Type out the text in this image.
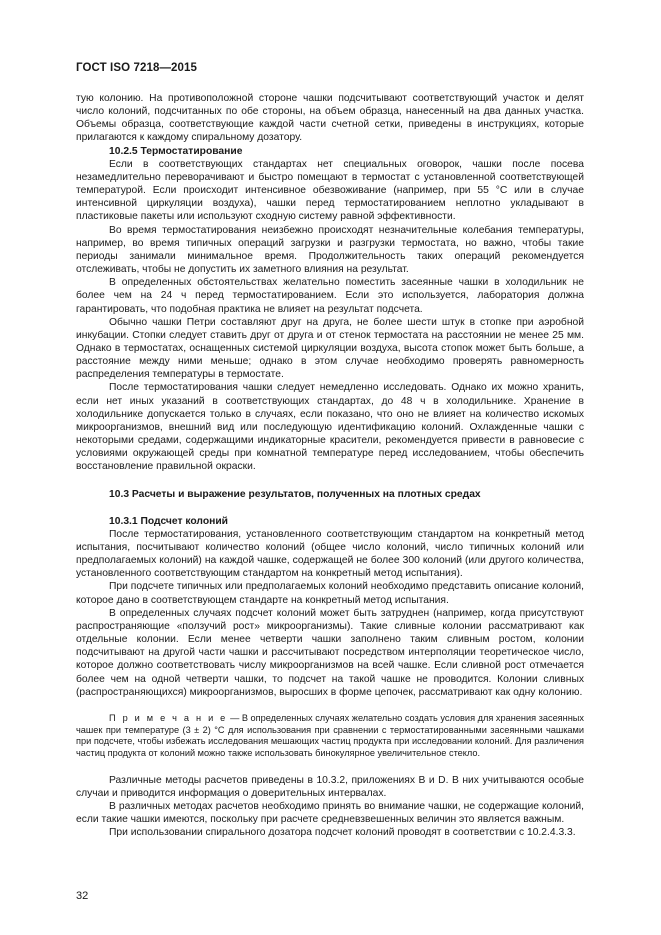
ГОСТ ISO 7218—2015

тую колонию. На противоположной стороне чашки подсчитывают соответствующий участок и делят число колоний, подсчитанных по обе стороны, на объем образца, нанесенный на два данных участка. Объемы образца, соответствующие каждой части счетной сетки, приведены в инструкциях, которые прилагаются к каждому спиральному дозатору.

10.2.5 Термостатирование

Если в соответствующих стандартах нет специальных оговорок, чашки после посева незамедлительно переворачивают и быстро помещают в термостат с установленной соответствующей температурой. Если происходит интенсивное обезвоживание (например, при 55 °С или в случае интенсивной циркуляции воздуха), чашки перед термостатированием неплотно укладывают в пластиковые пакеты или используют сходную систему равной эффективности.

Во время термостатирования неизбежно происходят незначительные колебания температуры, например, во время типичных операций загрузки и разгрузки термостата, но важно, чтобы такие периоды занимали минимальное время. Продолжительность таких операций рекомендуется отслеживать, чтобы не допустить их заметного влияния на результат.

В определенных обстоятельствах желательно поместить засеянные чашки в холодильник не более чем на 24 ч перед термостатированием. Если это используется, лаборатория должна гарантировать, что подобная практика не влияет на результат подсчета.

Обычно чашки Петри составляют друг на друга, не более шести штук в стопке при аэробной инкубации. Стопки следует ставить друг от друга и от стенок термостата на расстоянии не менее 25 мм. Однако в термостатах, оснащенных системой циркуляции воздуха, высота стопок может быть больше, а расстояние между ними меньше; однако в этом случае необходимо проверять равномерность распределения температуры в термостате.

После термостатирования чашки следует немедленно исследовать. Однако их можно хранить, если нет иных указаний в соответствующих стандартах, до 48 ч в холодильнике. Хранение в холодильнике допускается только в случаях, если показано, что оно не влияет на количество искомых микроорганизмов, внешний вид или последующую идентификацию колоний. Охлажденные чашки с некоторыми средами, содержащими индикаторные красители, рекомендуется привести в равновесие с условиями окружающей среды при комнатной температуре перед исследованием, чтобы обеспечить восстановление правильной окраски.

10.3 Расчеты и выражение результатов, полученных на плотных средах

10.3.1 Подсчет колоний

После термостатирования, установленного соответствующим стандартом на конкретный метод испытания, посчитывают количество колоний (общее число колоний, число типичных колоний или предполагаемых колоний) на каждой чашке, содержащей не более 300 колоний (или другого количества, установленного соответствующим стандартом на конкретный метод испытания).

При подсчете типичных или предполагаемых колоний необходимо представить описание колоний, которое дано в соответствующем стандарте на конкретный метод испытания.

В определенных случаях подсчет колоний может быть затруднен (например, когда присутствуют распространяющие «ползучий рост» микроорганизмы). Такие сливные колонии рассматривают как отдельные колонии. Если менее четверти чашки заполнено таким сливным ростом, колонии подсчитывают на другой части чашки и рассчитывают посредством интерполяции теоретическое число, которое должно соответствовать числу микроорганизмов на всей чашке. Если сливной рост отмечается более чем на одной четверти чашки, то подсчет на такой чашке не проводится. Колонии сливных (распространяющихся) микроорганизмов, выросших в форме цепочек, рассматривают как одну колонию.

П р и м е ч а н и е — В определенных случаях желательно создать условия для хранения засеянных чашек при температуре (3 ± 2) °С для использования при сравнении с термостатированными засеянными чашками при подсчете, чтобы избежать исследования мешающих частиц продукта при исследовании колоний. Для различения частиц продукта от колоний можно также использовать бинокулярное увеличительное стекло.

Различные методы расчетов приведены в 10.3.2, приложениях В и D. В них учитываются особые случаи и приводится информация о доверительных интервалах.

В различных методах расчетов необходимо принять во внимание чашки, не содержащие колоний, если такие чашки имеются, поскольку при расчете средневзвешенных величин это является важным.

При использовании спирального дозатора подсчет колоний проводят в соответствии с 10.2.4.3.3.

32
